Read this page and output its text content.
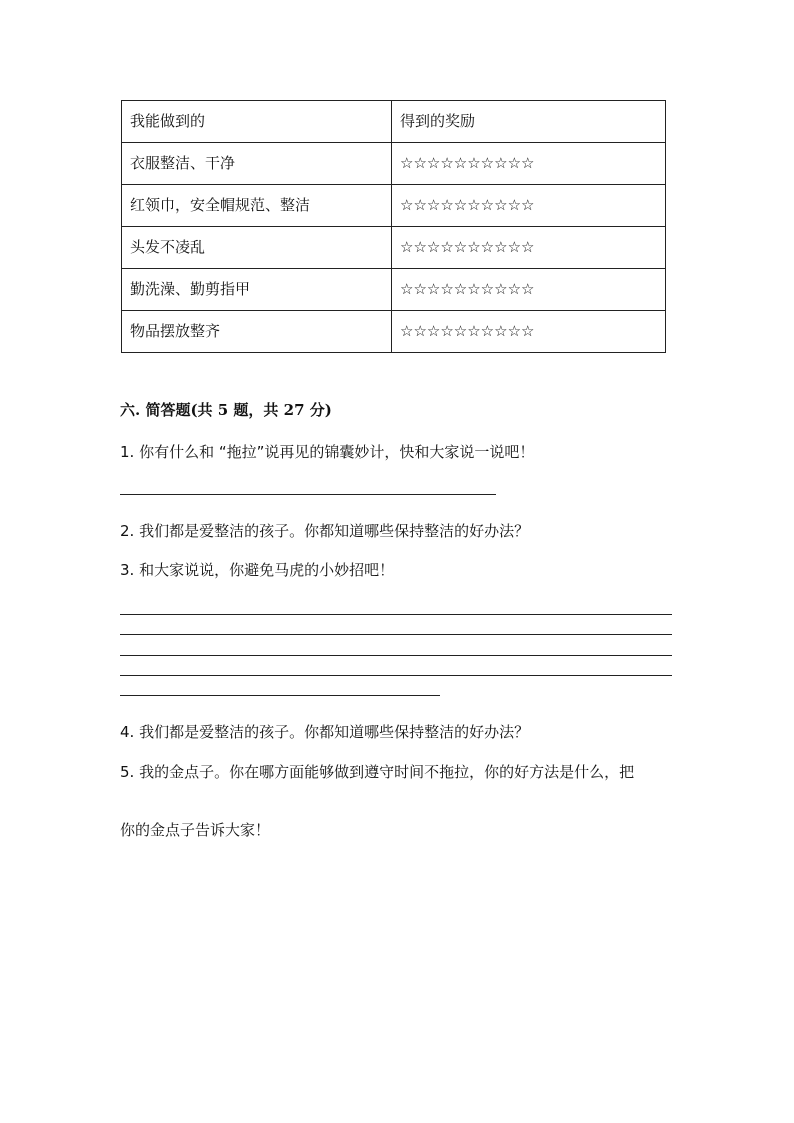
我能做到的	得到的奖励
衣服整洁、干净	☆☆☆☆☆☆☆☆☆☆
红领巾，安全帽规范、整洁	☆☆☆☆☆☆☆☆☆☆
头发不凌乱	☆☆☆☆☆☆☆☆☆☆
勤洗澡、勤剪指甲	☆☆☆☆☆☆☆☆☆☆
物品摆放整齐	☆☆☆☆☆☆☆☆☆☆
六. 简答题(共 5 题，共 27 分)
1. 你有什么和 “拖拉”说再见的锦囊妙计，快和大家说一说吧！
2. 我们都是爱整洁的孩子。你都知道哪些保持整洁的好办法？
3. 和大家说说，你避免马虎的小妙招吧！
4. 我们都是爱整洁的孩子。你都知道哪些保持整洁的好办法？
5. 我的金点子。你在哪方面能够做到遵守时间不拖拉，你的好方法是什么，把
你的金点子告诉大家！
